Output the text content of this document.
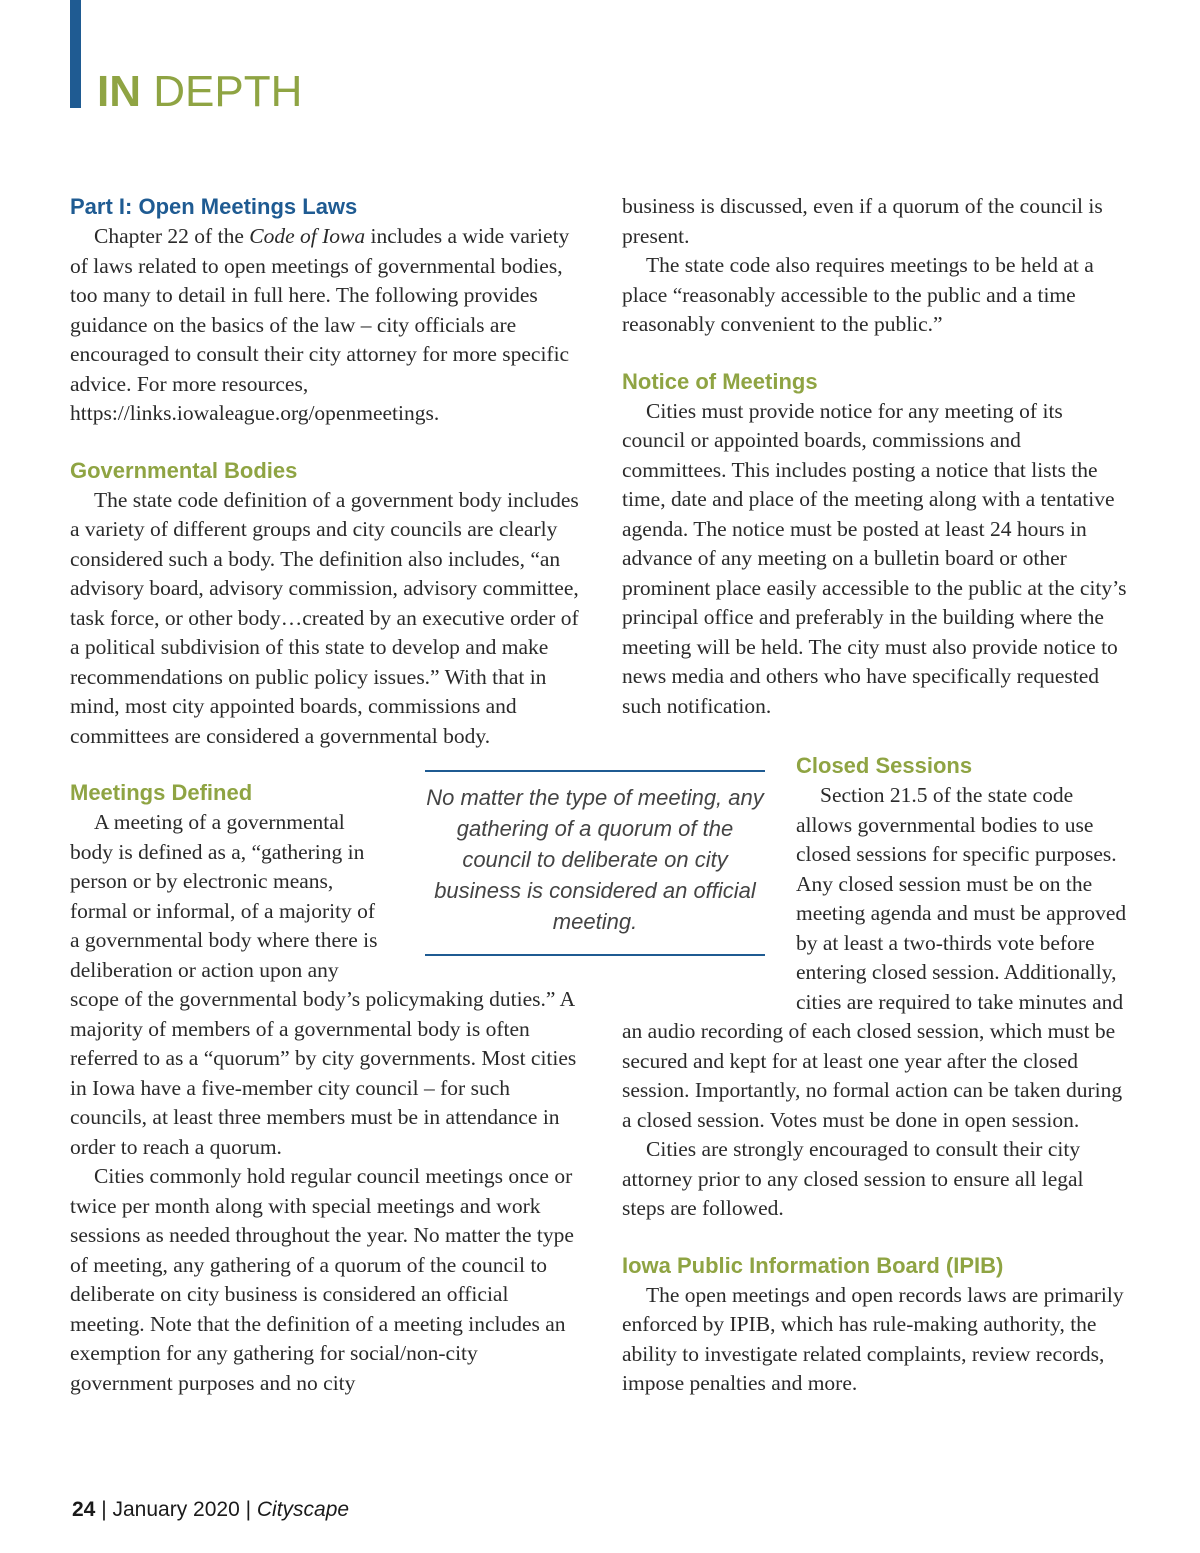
IN DEPTH
Part I: Open Meetings Laws

Chapter 22 of the Code of Iowa includes a wide variety of laws related to open meetings of governmental bodies, too many to detail in full here. The following provides guidance on the basics of the law – city officials are encouraged to consult their city attorney for more specific advice. For more resources, https://links.iowaleague.org/openmeetings.

Governmental Bodies

The state code definition of a government body includes a variety of different groups and city councils are clearly considered such a body. The definition also includes, “an advisory board, advisory commission, advisory committee, task force, or other body…created by an executive order of a political subdivision of this state to develop and make recommendations on public policy issues.” With that in mind, most city appointed boards, commissions and committees are considered a governmental body.

Meetings Defined

A meeting of a governmental body is defined as a, “gathering in person or by electronic means, formal or informal, of a majority of a governmental body where there is deliberation or action upon any scope of the governmental body’s policymaking duties.” A majority of members of a governmental body is often referred to as a “quorum” by city governments. Most cities in Iowa have a five-member city council – for such councils, at least three members must be in attendance in order to reach a quorum.

Cities commonly hold regular council meetings once or twice per month along with special meetings and work sessions as needed throughout the year. No matter the type of meeting, any gathering of a quorum of the council to deliberate on city business is considered an official meeting. Note that the definition of a meeting includes an exemption for any gathering for social/non-city government purposes and no city

business is discussed, even if a quorum of the council is present.

The state code also requires meetings to be held at a place “reasonably accessible to the public and a time reasonably convenient to the public.”

Notice of Meetings

Cities must provide notice for any meeting of its council or appointed boards, commissions and committees. This includes posting a notice that lists the time, date and place of the meeting along with a tentative agenda. The notice must be posted at least 24 hours in advance of any meeting on a bulletin board or other prominent place easily accessible to the public at the city’s principal office and preferably in the building where the meeting will be held. The city must also provide notice to news media and others who have specifically requested such notification.

Closed Sessions

Section 21.5 of the state code allows governmental bodies to use closed sessions for specific purposes. Any closed session must be on the meeting agenda and must be approved by at least a two-thirds vote before entering closed session. Additionally, cities are required to take minutes and an audio recording of each closed session, which must be secured and kept for at least one year after the closed session. Importantly, no formal action can be taken during a closed session. Votes must be done in open session.

Cities are strongly encouraged to consult their city attorney prior to any closed session to ensure all legal steps are followed.

Iowa Public Information Board (IPIB)

The open meetings and open records laws are primarily enforced by IPIB, which has rule-making authority, the ability to investigate related complaints, review records, impose penalties and more.

No matter the type of meeting, any gathering of a quorum of the council to deliberate on city business is considered an official meeting.
24 | January 2020 | Cityscape
